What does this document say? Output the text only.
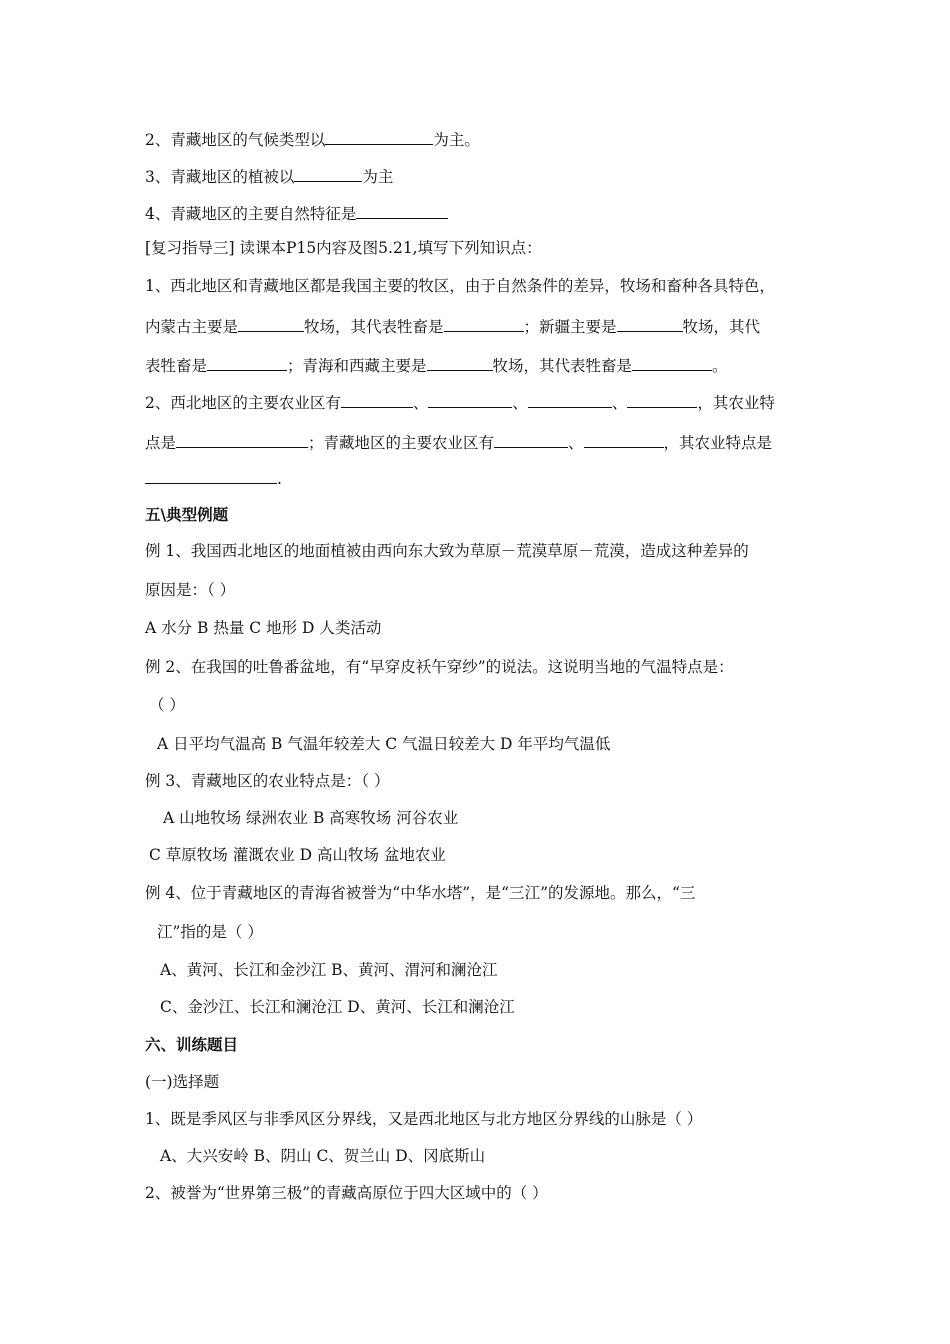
2、青藏地区的气候类型以	为主。
3、青藏地区的植被以	为主
4、青藏地区的主要自然特征是
[复习指导三] 读课本P15内容及图5.21,填写下列知识点：
1、西北地区和青藏地区都是我国主要的牧区，由于自然条件的差异，牧场和畜种各具特色，
内蒙古主要是	牧场，其代表牲畜是	；新疆主要是	牧场，其代
表牲畜是	；青海和西藏主要是	牧场，其代表牲畜是	。
2、西北地区的主要农业区有	、	、	、	，其农业特
点是	；青藏地区的主要农业区有	、	，其农业特点是
.
五\典型例题
例 1、我国西北地区的地面植被由西向东大致为草原－荒漠草原－荒漠，造成这种差异的
原因是：（ ）
A 水分 B 热量 C 地形 D 人类活动
例 2、在我国的吐鲁番盆地，有“早穿皮袄午穿纱”的说法。这说明当地的气温特点是：
（ ）
A 日平均气温高 B 气温年较差大 C 气温日较差大 D 年平均气温低
例 3、青藏地区的农业特点是：（ ）
A 山地牧场 绿洲农业 B 高寒牧场 河谷农业
C 草原牧场 灌溉农业 D 高山牧场 盆地农业
例 4、位于青藏地区的青海省被誉为“中华水塔”，是“三江”的发源地。那么，“三
江”指的是（ ）
A、黄河、长江和金沙江 B、黄河、渭河和澜沧江
C、金沙江、长江和澜沧江 D、黄河、长江和澜沧江
六、训练题目
(一)选择题
1、既是季风区与非季风区分界线，又是西北地区与北方地区分界线的山脉是（ ）
A、大兴安岭 B、阴山 C、贺兰山 D、冈底斯山
2、被誉为“世界第三极”的青藏高原位于四大区域中的（ ）
